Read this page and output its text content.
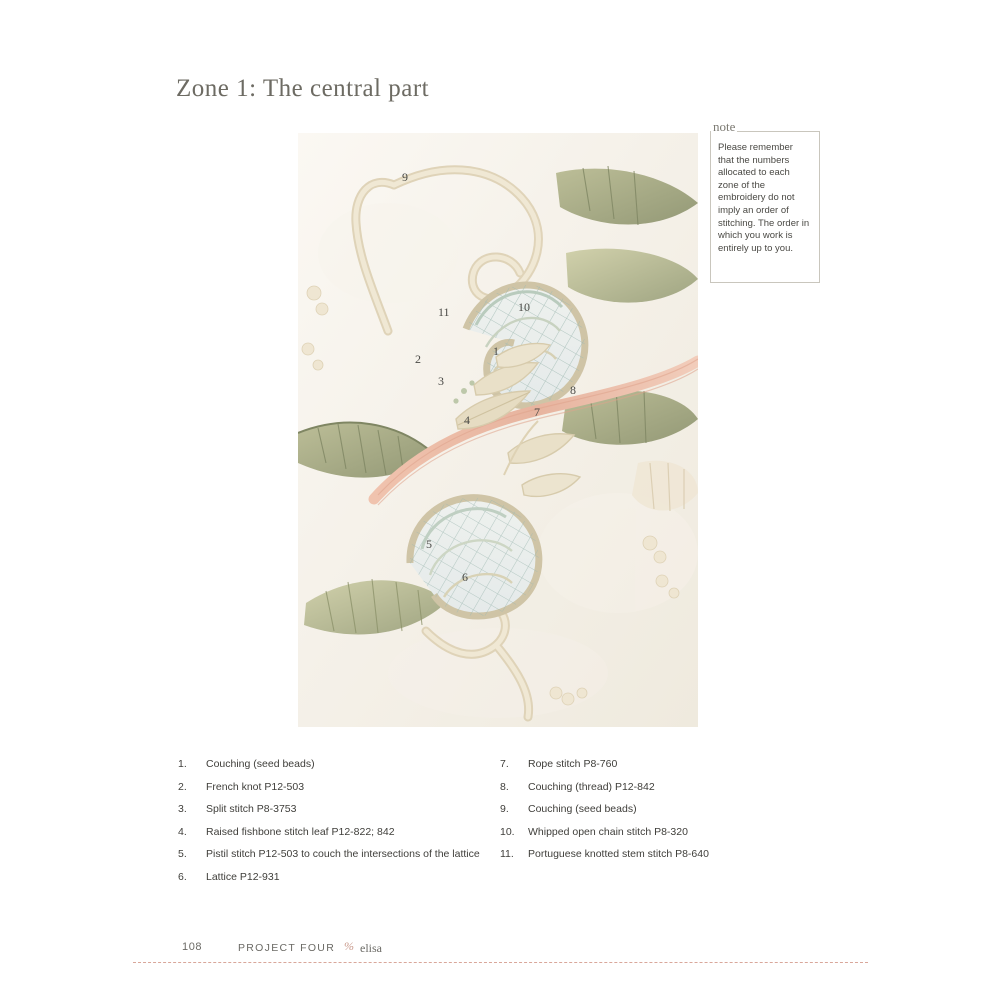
Zone 1: The central part
9
11	10
1
2
3
4
7
8
5
6
note
Please remember that the numbers allocated to each zone of the embroidery do not imply an order of stitching. The order in which you work is entirely up to you.
1.	Couching (seed beads)
2.	French knot P12-503
3.	Split stitch P8-3753
4.	Raised fishbone stitch leaf P12-822; 842
5.	Pistil stitch P12-503 to couch the intersections of the lattice
6.	Lattice P12-931
7.	Rope stitch P8-760
8.	Couching (thread) P12-842
9.	Couching (seed beads)
10.	Whipped open chain stitch P8-320
11.	Portuguese knotted stem stitch P8-640
108	PROJECT FOUR % elisa
